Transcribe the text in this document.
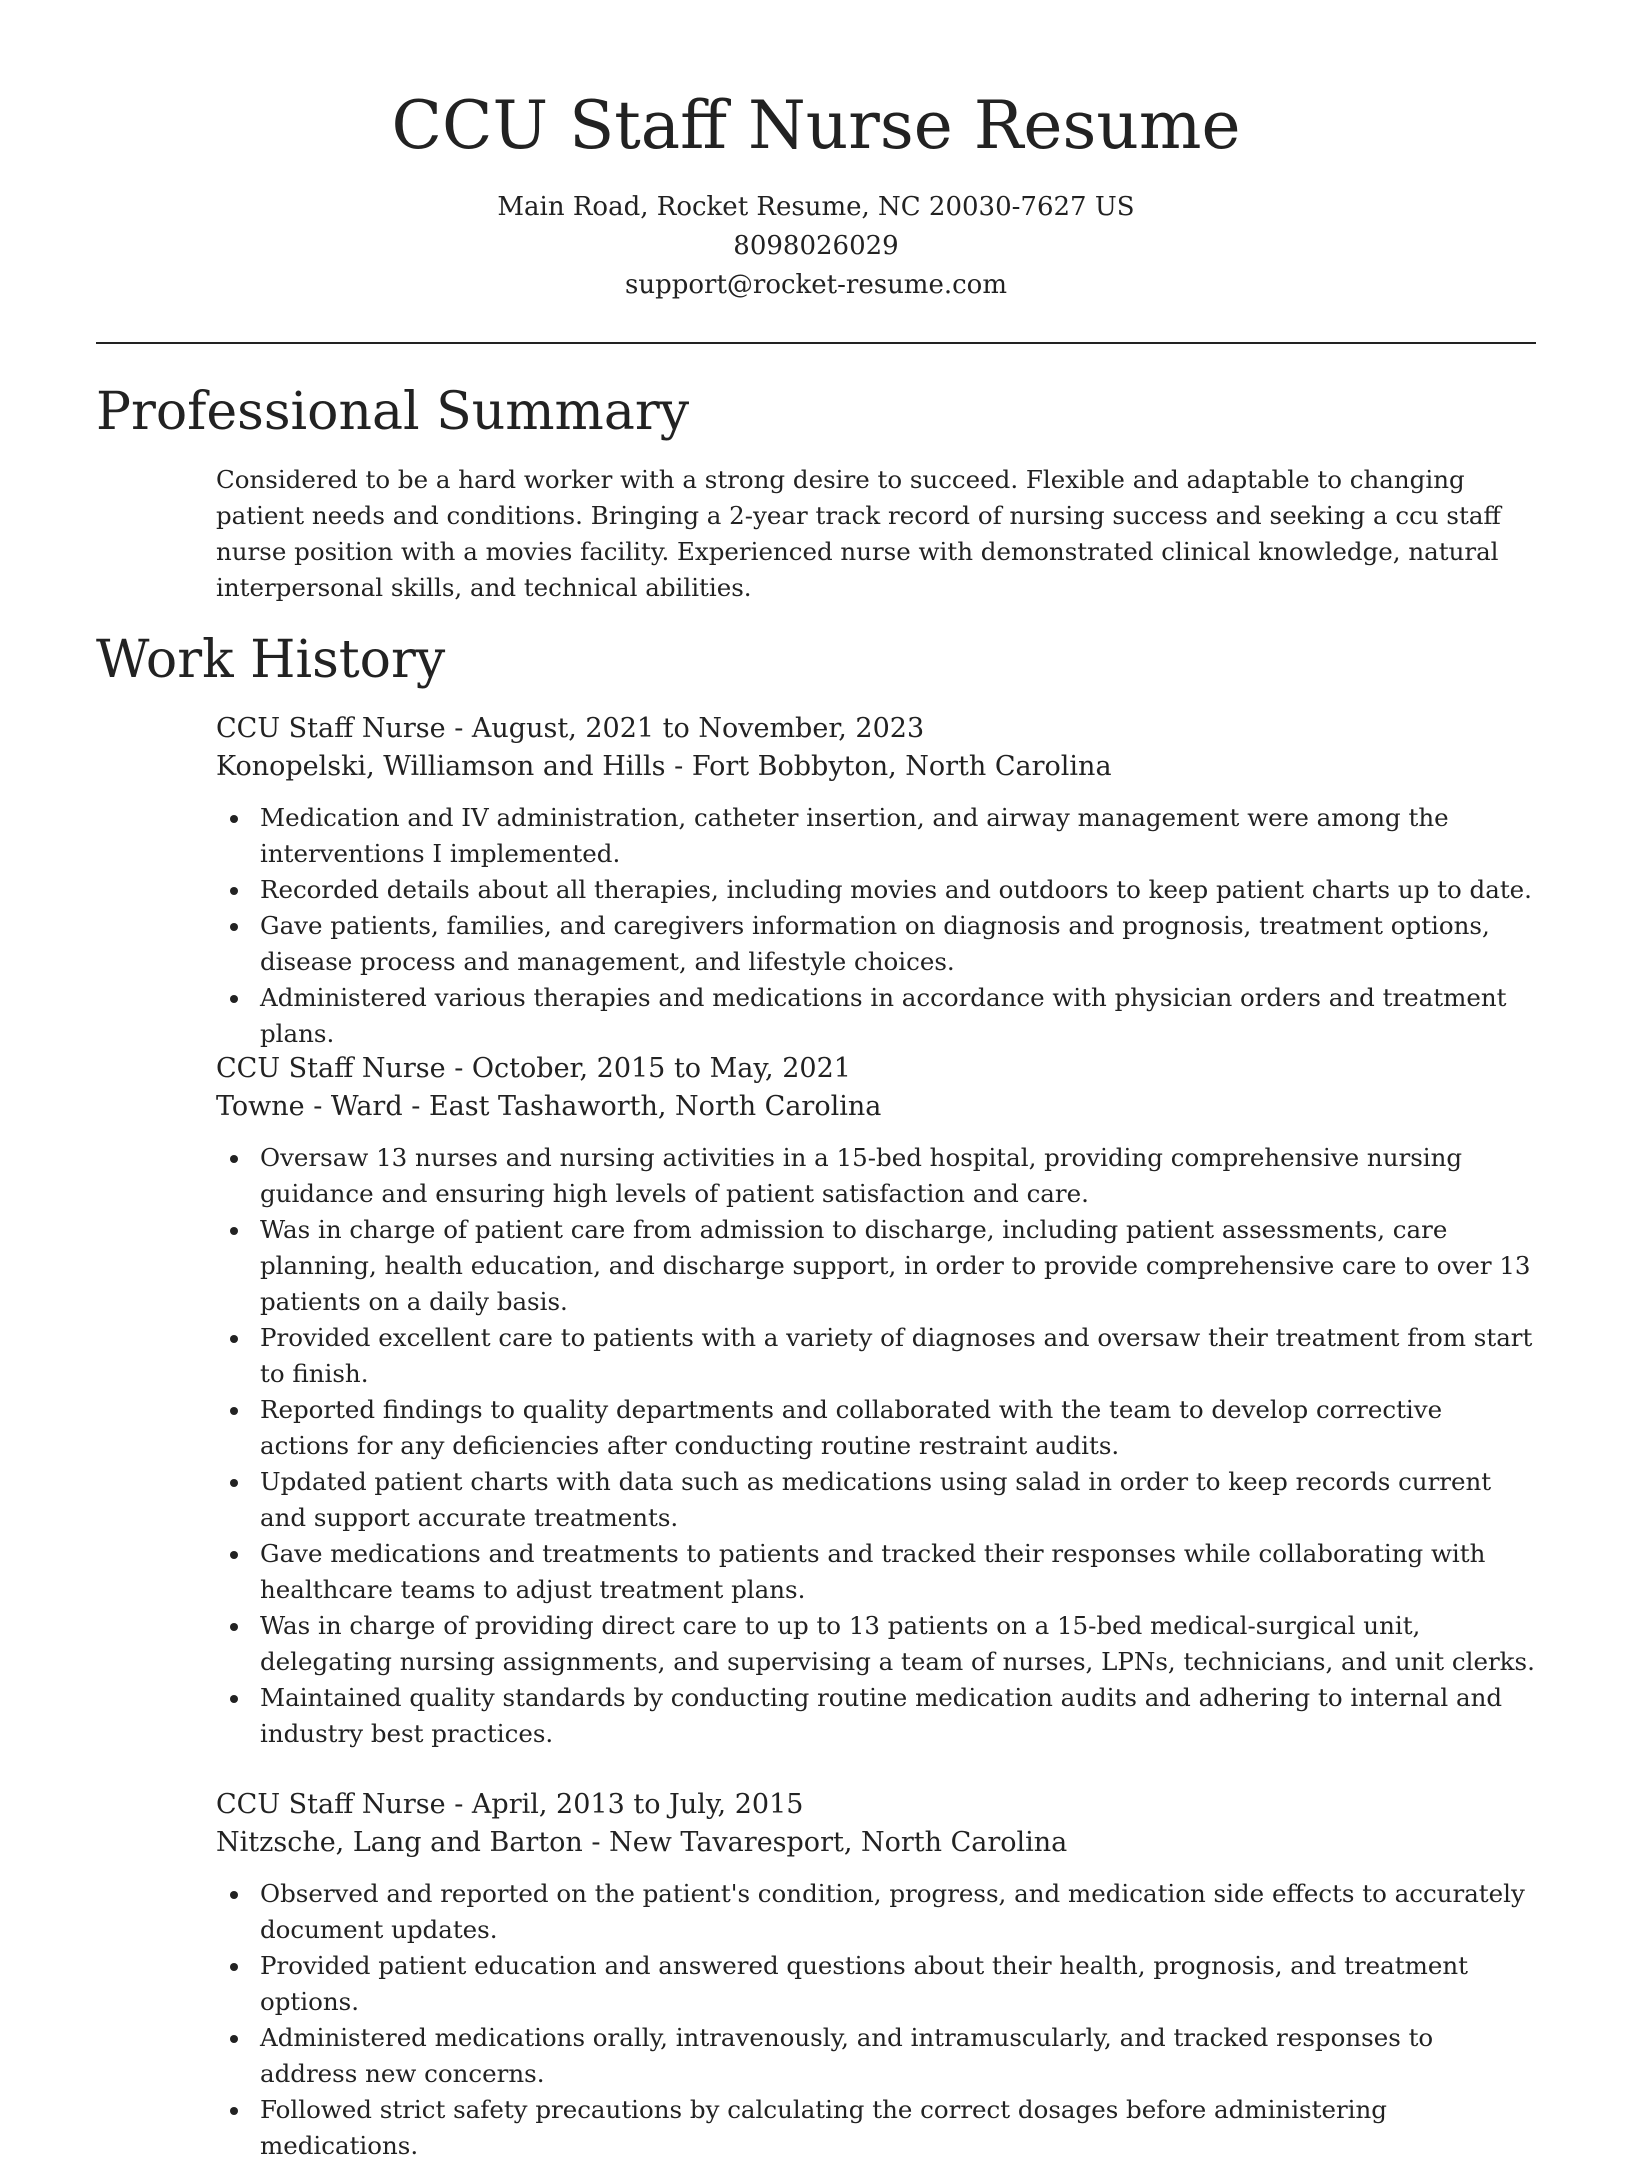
CCU Staff Nurse Resume
Main Road, Rocket Resume, NC 20030-7627 US
8098026029
support@rocket-resume.com
Professional Summary

Considered to be a hard worker with a strong desire to succeed. Flexible and adaptable to changing patient needs and conditions. Bringing a 2-year track record of nursing success and seeking a ccu staff nurse position with a movies facility. Experienced nurse with demonstrated clinical knowledge, natural interpersonal skills, and technical abilities.

Work History
CCU Staff Nurse - August, 2021 to November, 2023
Konopelski, Williamson and Hills - Fort Bobbyton, North Carolina
Medication and IV administration, catheter insertion, and airway management were among the interventions I implemented.
Recorded details about all therapies, including movies and outdoors to keep patient charts up to date.
Gave patients, families, and caregivers information on diagnosis and prognosis, treatment options, disease process and management, and lifestyle choices.
Administered various therapies and medications in accordance with physician orders and treatment plans.
CCU Staff Nurse - October, 2015 to May, 2021
Towne - Ward - East Tashaworth, North Carolina
Oversaw 13 nurses and nursing activities in a 15-bed hospital, providing comprehensive nursing guidance and ensuring high levels of patient satisfaction and care.
Was in charge of patient care from admission to discharge, including patient assessments, care planning, health education, and discharge support, in order to provide comprehensive care to over 13 patients on a daily basis.
Provided excellent care to patients with a variety of diagnoses and oversaw their treatment from start to finish.
Reported findings to quality departments and collaborated with the team to develop corrective actions for any deficiencies after conducting routine restraint audits.
Updated patient charts with data such as medications using salad in order to keep records current and support accurate treatments.
Gave medications and treatments to patients and tracked their responses while collaborating with healthcare teams to adjust treatment plans.
Was in charge of providing direct care to up to 13 patients on a 15-bed medical-surgical unit, delegating nursing assignments, and supervising a team of nurses, LPNs, technicians, and unit clerks.
Maintained quality standards by conducting routine medication audits and adhering to internal and industry best practices.
CCU Staff Nurse - April, 2013 to July, 2015
Nitzsche, Lang and Barton - New Tavaresport, North Carolina
Observed and reported on the patient's condition, progress, and medication side effects to accurately document updates.
Provided patient education and answered questions about their health, prognosis, and treatment options.
Administered medications orally, intravenously, and intramuscularly, and tracked responses to address new concerns.
Followed strict safety precautions by calculating the correct dosages before administering medications.
